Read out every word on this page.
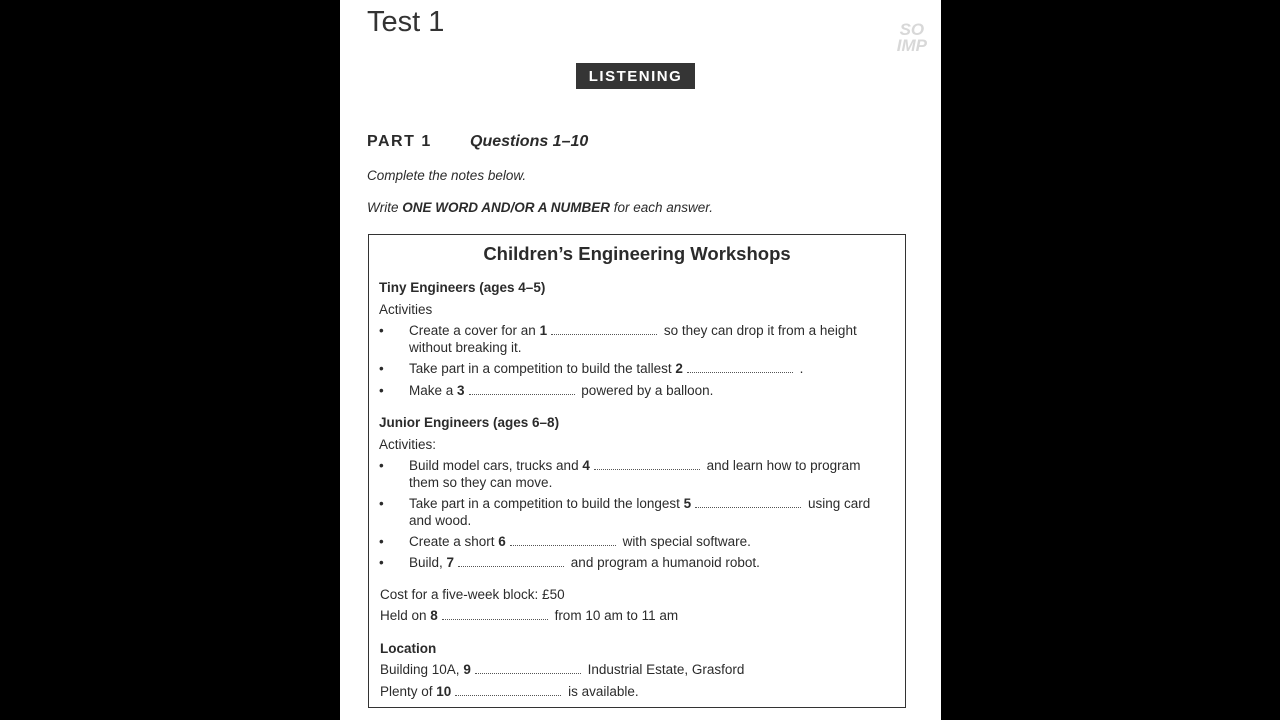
Test 1	SO
IMP
LISTENING
PART 1	Questions 1–10
Complete the notes below.
Write ONE WORD AND/OR A NUMBER for each answer.
Children’s Engineering Workshops
Tiny Engineers (ages 4–5)
Activities
• Create a cover for an 1	so they can drop it from a height
without breaking it.
• Take part in a competition to build the tallest 2	.
• Make a 3	powered by a balloon.
Junior Engineers (ages 6–8)
Activities:
• Build model cars, trucks and 4	and learn how to program
them so they can move.
• Take part in a competition to build the longest 5	using card
and wood.
• Create a short 6	with special software.
• Build, 7	and program a humanoid robot.
Cost for a five-week block: £50
Held on 8	from 10 am to 11 am
Location
Building 10A, 9	Industrial Estate, Grasford
Plenty of 10	is available.
